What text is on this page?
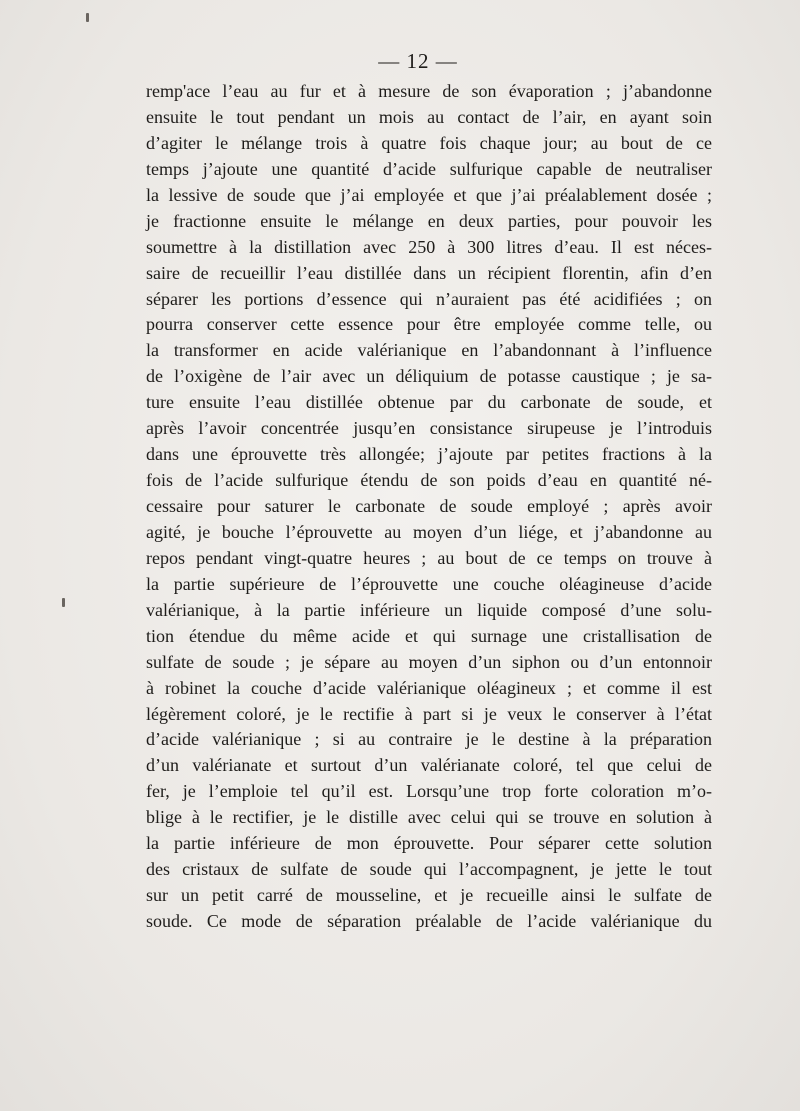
— 12 —
remp'ace l’eau au fur et à mesure de son évaporation ; j’abandonne
ensuite le tout pendant un mois au contact de l’air, en ayant soin
d’agiter le mélange trois à quatre fois chaque jour; au bout de ce
temps j’ajoute une quantité d’acide sulfurique capable de neutraliser
la lessive de soude que j’ai employée et que j’ai préalablement dosée ;
je fractionne ensuite le mélange en deux parties, pour pouvoir les
soumettre à la distillation avec 250 à 300 litres d’eau. Il est néces-
saire de recueillir l’eau distillée dans un récipient florentin, afin d’en
séparer les portions d’essence qui n’auraient pas été acidifiées ; on
pourra conserver cette essence pour être employée comme telle, ou
la transformer en acide valérianique en l’abandonnant à l’influence
de l’oxigène de l’air avec un déliquium de potasse caustique ; je sa-
ture ensuite l’eau distillée obtenue par du carbonate de soude, et
après l’avoir concentrée jusqu’en consistance sirupeuse je l’introduis
dans une éprouvette très allongée; j’ajoute par petites fractions à la
fois de l’acide sulfurique étendu de son poids d’eau en quantité né-
cessaire pour saturer le carbonate de soude employé ; après avoir
agité, je bouche l’éprouvette au moyen d’un liége, et j’abandonne au
repos pendant vingt-quatre heures ; au bout de ce temps on trouve à
la partie supérieure de l’éprouvette une couche oléagineuse d’acide
valérianique, à la partie inférieure un liquide composé d’une solu-
tion étendue du même acide et qui surnage une cristallisation de
sulfate de soude ; je sépare au moyen d’un siphon ou d’un entonnoir
à robinet la couche d’acide valérianique oléagineux ; et comme il est
légèrement coloré, je le rectifie à part si je veux le conserver à l’état
d’acide valérianique ; si au contraire je le destine à la préparation
d’un valérianate et surtout d’un valérianate coloré, tel que celui de
fer, je l’emploie tel qu’il est. Lorsqu’une trop forte coloration m’o-
blige à le rectifier, je le distille avec celui qui se trouve en solution à
la partie inférieure de mon éprouvette. Pour séparer cette solution
des cristaux de sulfate de soude qui l’accompagnent, je jette le tout
sur un petit carré de mousseline, et je recueille ainsi le sulfate de
soude. Ce mode de séparation préalable de l’acide valérianique du
